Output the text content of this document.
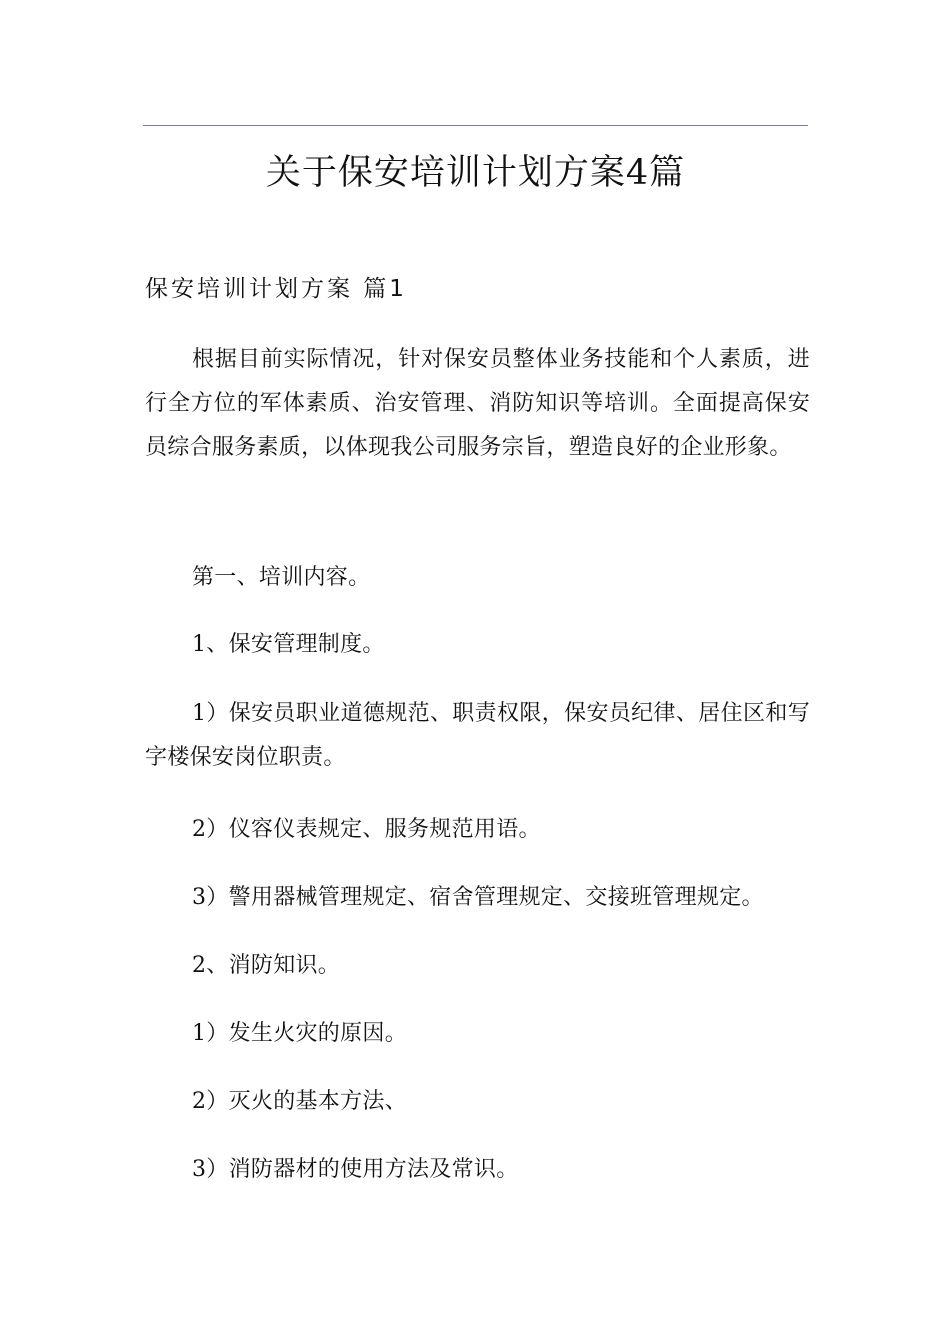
关于保安培训计划方案4篇
保安培训计划方案 篇1
根据目前实际情况，针对保安员整体业务技能和个人素质，进行全方位的军体素质、治安管理、消防知识等培训。全面提高保安员综合服务素质，以体现我公司服务宗旨，塑造良好的企业形象。
第一、培训内容。
1、保安管理制度。
1）保安员职业道德规范、职责权限，保安员纪律、居住区和写字楼保安岗位职责。
2）仪容仪表规定、服务规范用语。
3）警用器械管理规定、宿舍管理规定、交接班管理规定。
2、消防知识。
1）发生火灾的原因。
2）灭火的基本方法、
3）消防器材的使用方法及常识。
